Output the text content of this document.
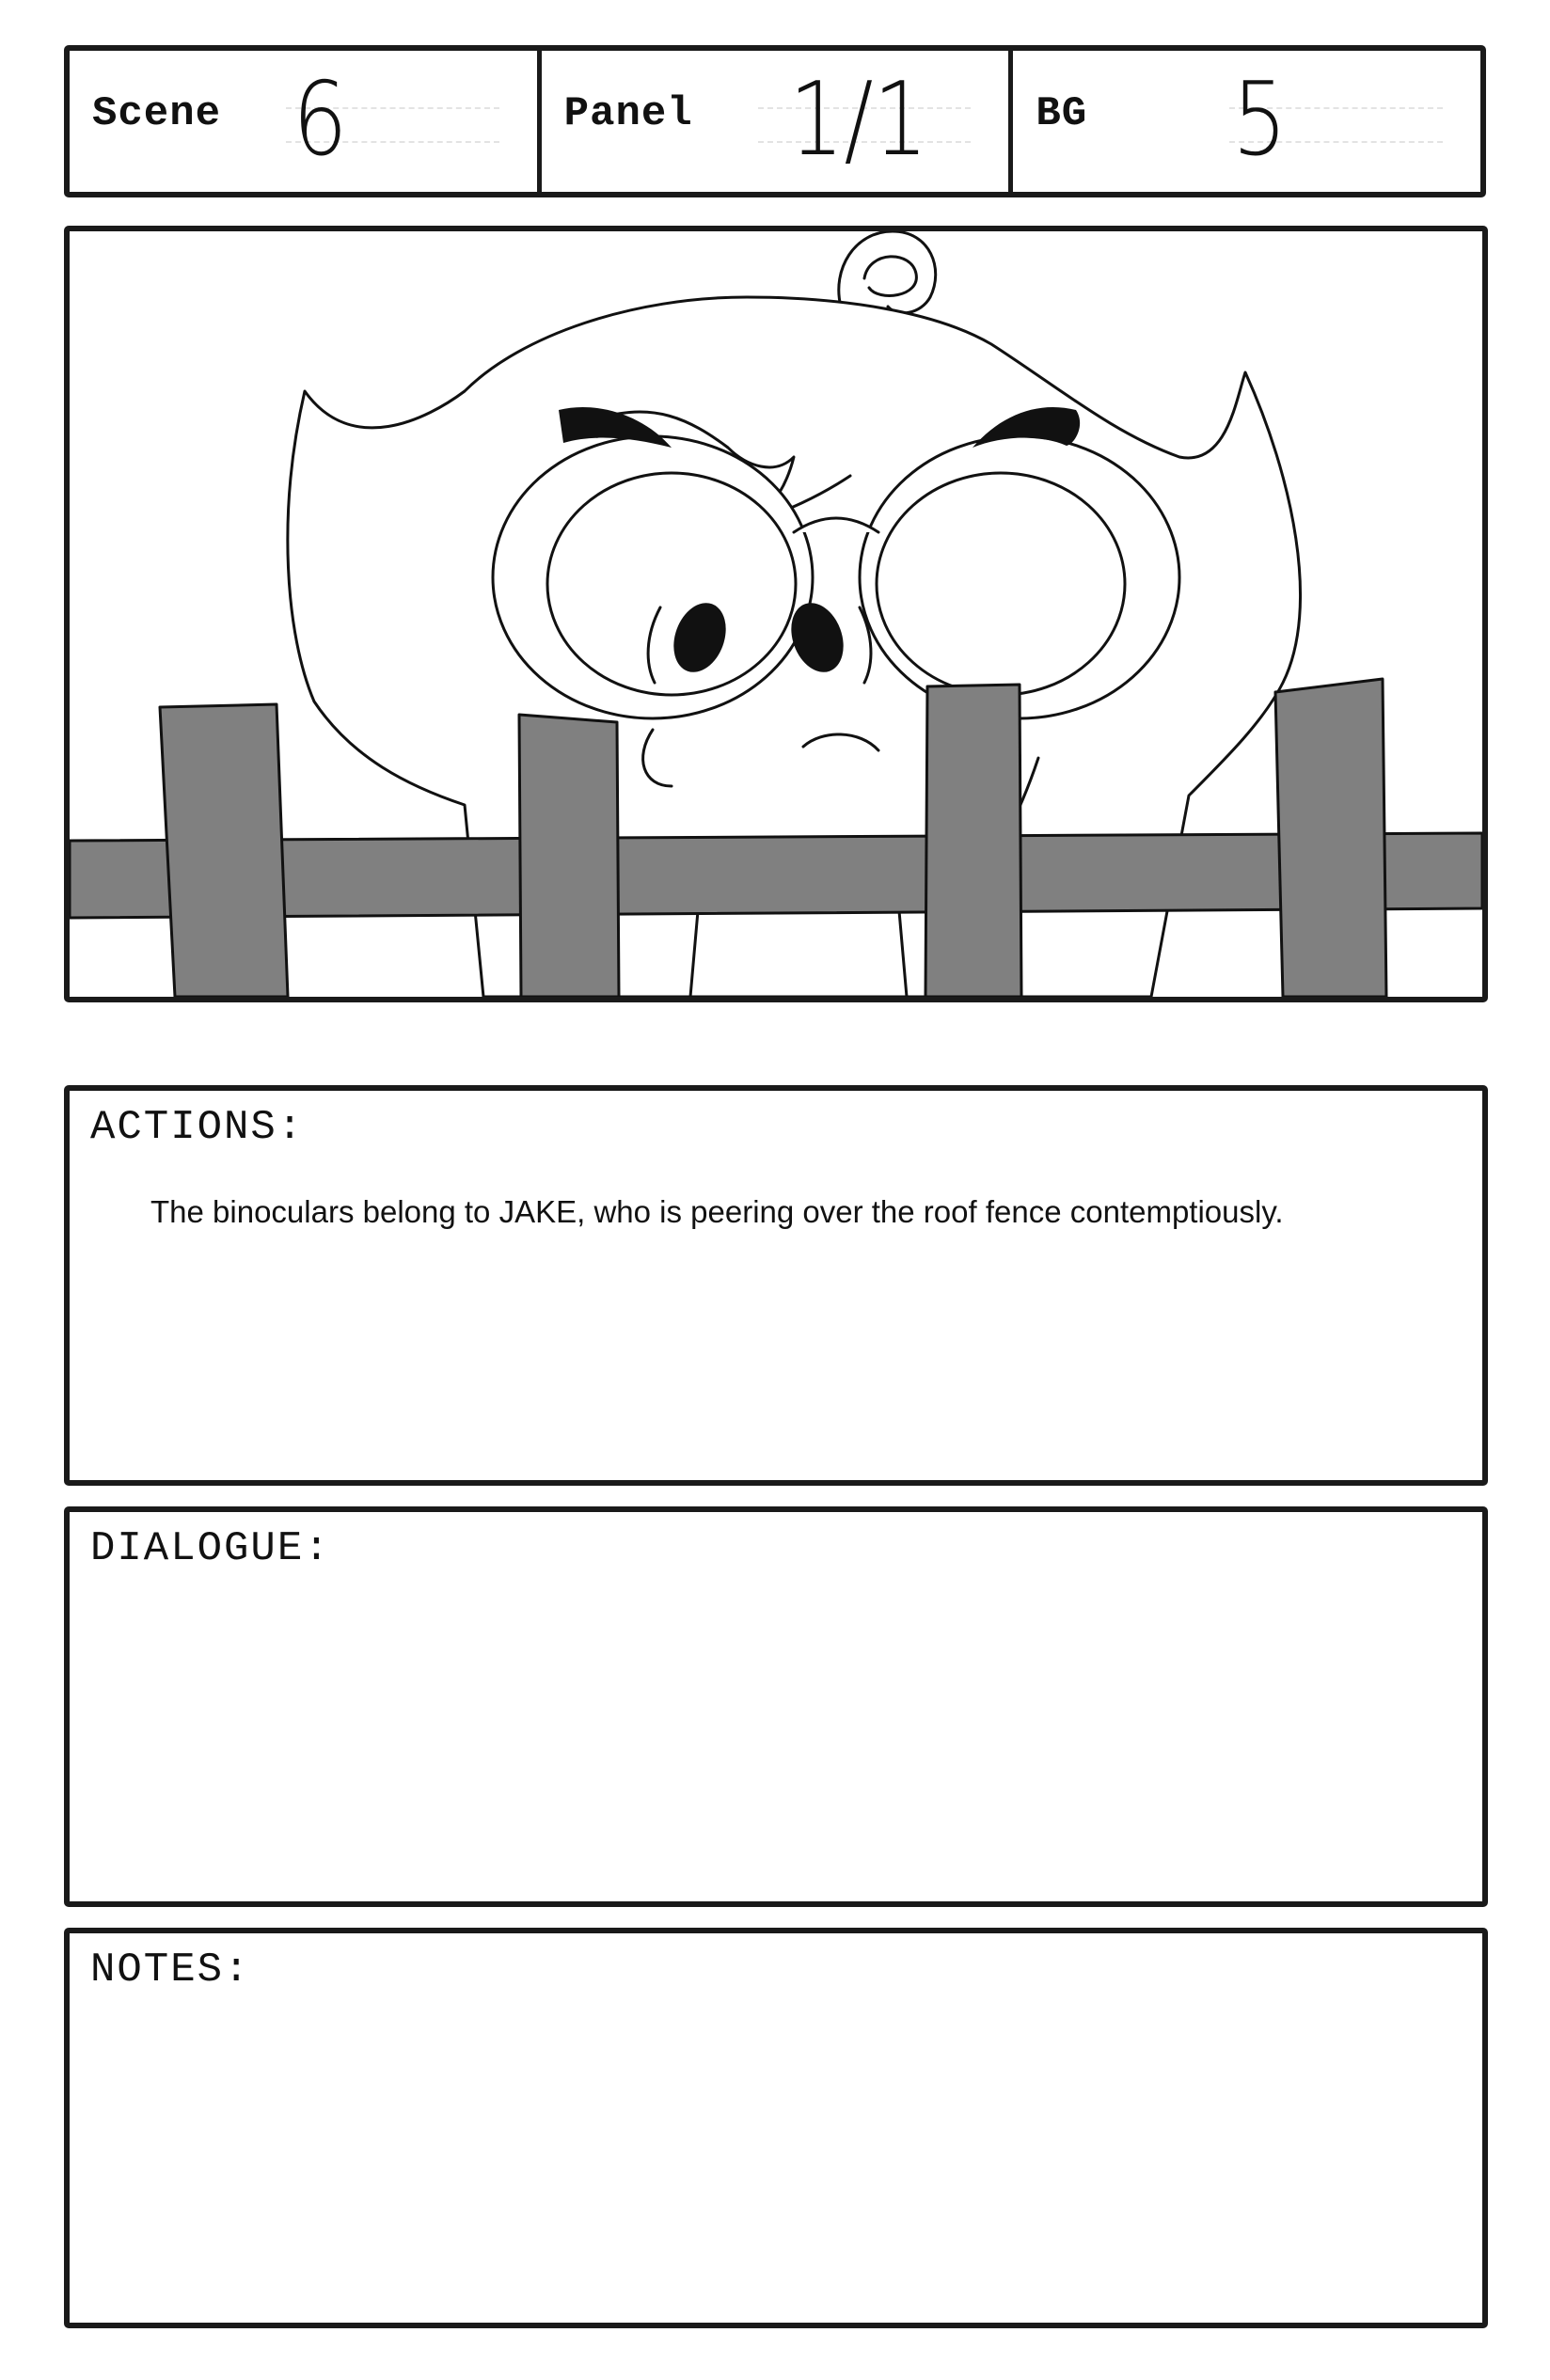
Scene 6	Panel 1/1	BG 5
ACTIONS:
The binoculars belong to JAKE, who is peering over the roof fence contemptiously.
DIALOGUE:
NOTES:
